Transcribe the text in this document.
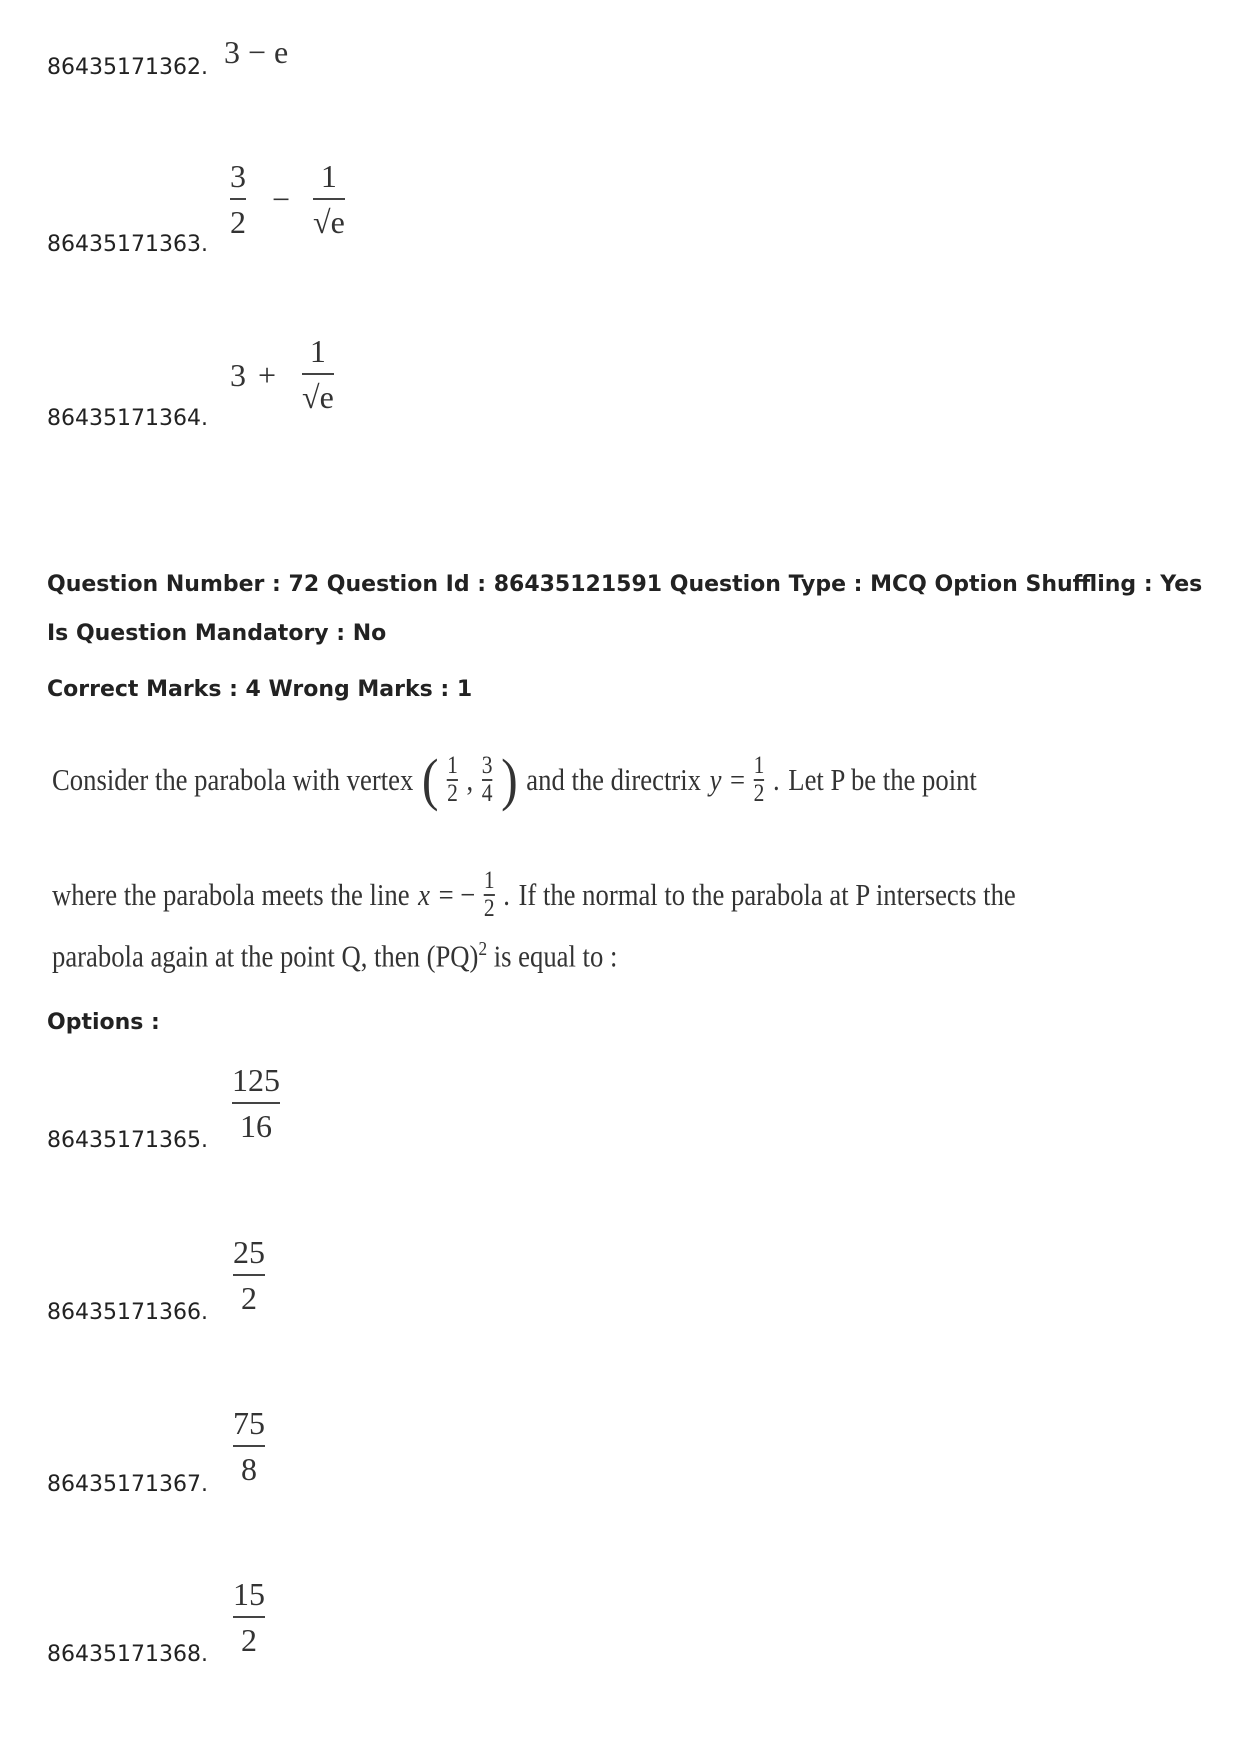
86435171362. 3 − e
86435171363.
3
2
−
1
√e
86435171364.
3 +
1
√e
Question Number : 72 Question Id : 86435121591 Question Type : MCQ Option Shuffling : Yes
Is Question Mandatory : No
Correct Marks : 4 Wrong Marks : 1
Consider the parabola with vertex ( 1
2 , 3
4 ) and the directrix y = 1
2 . Let P be the point
where the parabola meets the line x = − 1
2 . If the normal to the parabola at P intersects the
parabola again at the point Q, then (PQ)$^2$ is equal to :
Options :
86435171365.
125
16
86435171366.
25
2
86435171367.
75
8
86435171368.
15
2
